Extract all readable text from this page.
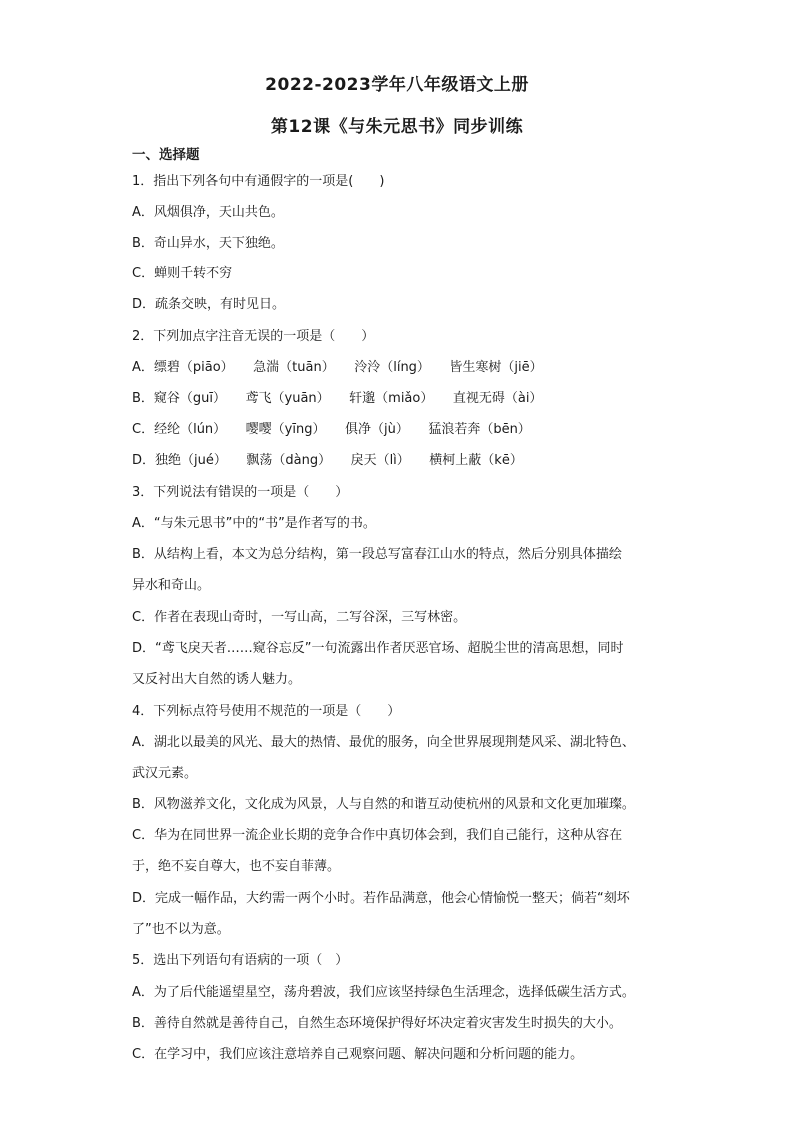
2022-2023学年八年级语文上册
第12课《与朱元思书》同步训练
一、选择题
1．指出下列各句中有通假字的一项是(　　)
A．风烟俱净，天山共色。
B．奇山异水，天下独绝。
C．蝉则千转不穷
D．疏条交映，有时见日。
2．下列加点字注音无误的一项是（　　）
A．缥碧（piāo）　　急湍（tuān）　　泠泠（líng）　　皆生寒树（jiē）
B．窥谷（guī）　　鸢飞（yuān）　　轩邈（miǎo）　　直视无碍（ài）
C．经纶（lún）　　嘤嘤（yīng）　　俱净（jù）　　猛浪若奔（bēn）
D．独绝（jué）　　飘荡（dàng）　　戾天（lì）　　横柯上蔽（kē）
3．下列说法有错误的一项是（　　）
A．“与朱元思书”中的“书”是作者写的书。
B．从结构上看，本文为总分结构，第一段总写富春江山水的特点，然后分别具体描绘
异水和奇山。
C．作者在表现山奇时，一写山高，二写谷深，三写林密。
D．“鸢飞戾天者……窥谷忘反”一句流露出作者厌恶官场、超脱尘世的清高思想，同时
又反衬出大自然的诱人魅力。
4．下列标点符号使用不规范的一项是（　　）
A．湖北以最美的风光、最大的热情、最优的服务，向全世界展现荆楚风采、湖北特色、
武汉元素。
B．风物滋养文化，文化成为风景，人与自然的和谐互动使杭州的风景和文化更加璀璨。
C．华为在同世界一流企业长期的竞争合作中真切体会到，我们自己能行，这种从容在
于，绝不妄自尊大，也不妄自菲薄。
D．完成一幅作品，大约需一两个小时。若作品满意，他会心情愉悦一整天；倘若“刻坏
了”也不以为意。
5．选出下列语句有语病的一项（　）
A．为了后代能遥望星空，荡舟碧波，我们应该坚持绿色生活理念，选择低碳生活方式。
B．善待自然就是善待自己，自然生态环境保护得好坏决定着灾害发生时损失的大小。
C．在学习中，我们应该注意培养自己观察问题、解决问题和分析问题的能力。
